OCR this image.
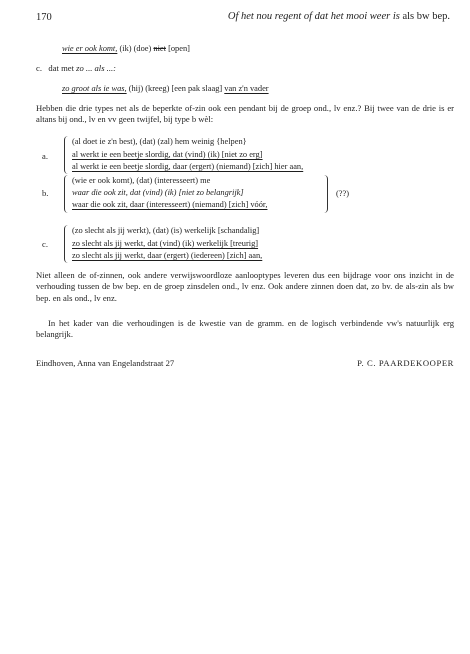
170	Of het nou regent of dat het mooi weer is als bw bep.
wie er ook komt, (ik) (doe) niet [open]
c. dat met zo ... als ...:
zo groot als ie was, (hij) (kreeg) [een pak slaag] van z'n vader
Hebben die drie types net als de beperkte of-zin ook een pendant bij de groep ond., lv enz.? Bij twee van de drie is er altans bij ond., lv en vv geen twijfel, bij type b wèl:
a.
(al doet ie z'n best), (dat) (zal) hem weinig {helpen}
al werkt ie een beetje slordig, dat (vind) (ik) [niet zo erg]
al werkt ie een beetje slordig, daar (ergert) (niemand) [zich] hier aan,
b.
(wie er ook komt), (dat) (interesseert) me
waar die ook zit, dat (vind) (ik) [niet zo belangrijk]
waar die ook zit, daar (interesseert) (niemand) [zich] vóór,
(??)
c.
(zo slecht als jij werkt), (dat) (is) werkelijk [schandalig]
zo slecht als jij werkt, dat (vind) (ik) werkelijk [treurig]
zo slecht als jij werkt, daar (ergert) (iedereen) [zich] aan,
Niet alleen de of-zinnen, ook andere verwijswoordloze aanlooptypes leveren dus een bijdrage voor ons inzicht in de verhouding tussen de bw bep. en de groep zinsdelen ond., lv enz. Ook andere zinnen doen dat, zo bv. de als-zin als bw bep. en als ond., lv enz.
In het kader van die verhoudingen is de kwestie van de gramm. en de logisch verbindende vw's natuurlijk erg belangrijk.
Eindhoven, Anna van Engelandstraat 27	P. C. PAARDEKOOPER
